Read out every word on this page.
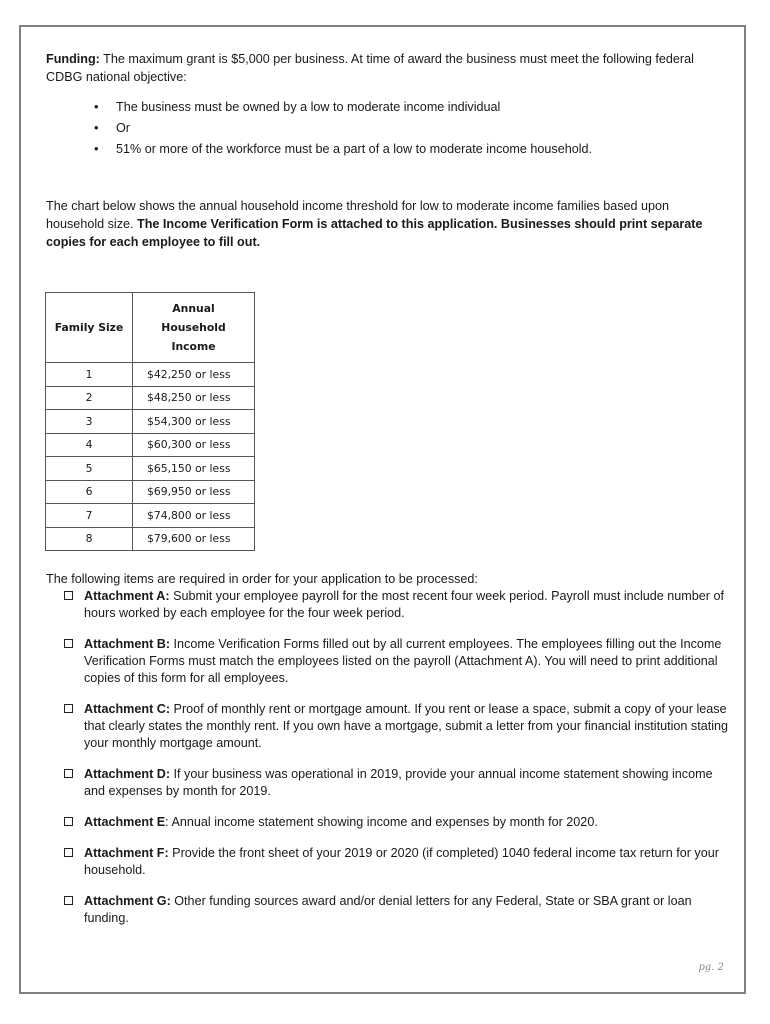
Funding: The maximum grant is $5,000 per business. At time of award the business must meet the following federal CDBG national objective:

• The business must be owned by a low to moderate income individual
• Or
• 51% or more of the workforce must be a part of a low to moderate income household.

The chart below shows the annual household income threshold for low to moderate income families based upon household size. The Income Verification Form is attached to this application. Businesses should print separate copies for each employee to fill out.

Family Size	Annual Household Income
1	$42,250 or less
2	$48,250 or less
3	$54,300 or less
4	$60,300 or less
5	$65,150 or less
6	$69,950 or less
7	$74,800 or less
8	$79,600 or less

The following items are required in order for your application to be processed:

Attachment A: Submit your employee payroll for the most recent four week period. Payroll must include number of hours worked by each employee for the four week period.
Attachment B: Income Verification Forms filled out by all current employees. The employees filling out the Income Verification Forms must match the employees listed on the payroll (Attachment A). You will need to print additional copies of this form for all employees.
Attachment C: Proof of monthly rent or mortgage amount. If you rent or lease a space, submit a copy of your lease that clearly states the monthly rent. If you own have a mortgage, submit a letter from your financial institution stating your monthly mortgage amount.
Attachment D: If your business was operational in 2019, provide your annual income statement showing income and expenses by month for 2019.
Attachment E: Annual income statement showing income and expenses by month for 2020.
Attachment F: Provide the front sheet of your 2019 or 2020 (if completed) 1040 federal income tax return for your household.
Attachment G: Other funding sources award and/or denial letters for any Federal, State or SBA grant or loan funding.
pg. 2
